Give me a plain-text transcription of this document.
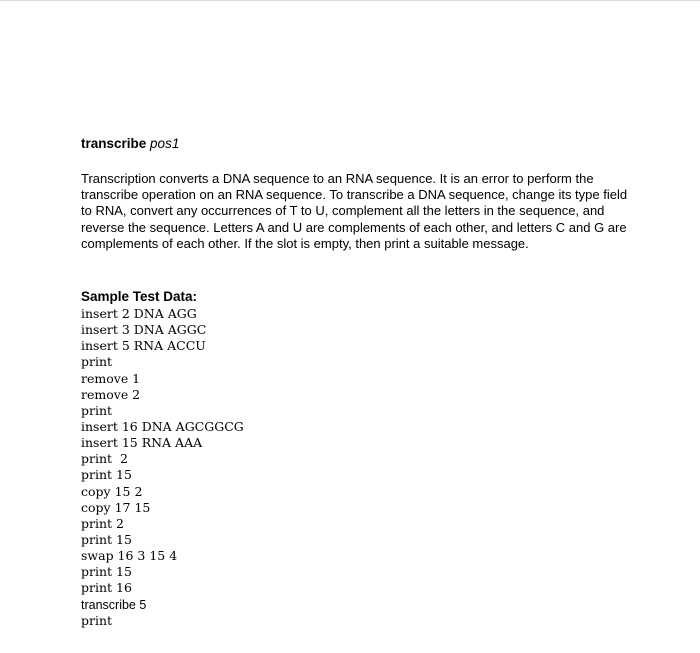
transcribe pos1

Transcription converts a DNA sequence to an RNA sequence. It is an error to perform the transcribe operation on an RNA sequence. To transcribe a DNA sequence, change its type field to RNA, convert any occurrences of T to U, complement all the letters in the sequence, and reverse the sequence. Letters A and U are complements of each other, and letters C and G are complements of each other. If the slot is empty, then print a suitable message.

Sample Test Data:

insert 2 DNA AGG
insert 3 DNA AGGC
insert 5 RNA ACCU
print
remove 1
remove 2
print
insert 16 DNA AGCGGCG
insert 15 RNA AAA
print  2
print 15
copy 15 2
copy 17 15
print 2
print 15
swap 16 3 15 4
print 15
print 16
transcribe 5
print
